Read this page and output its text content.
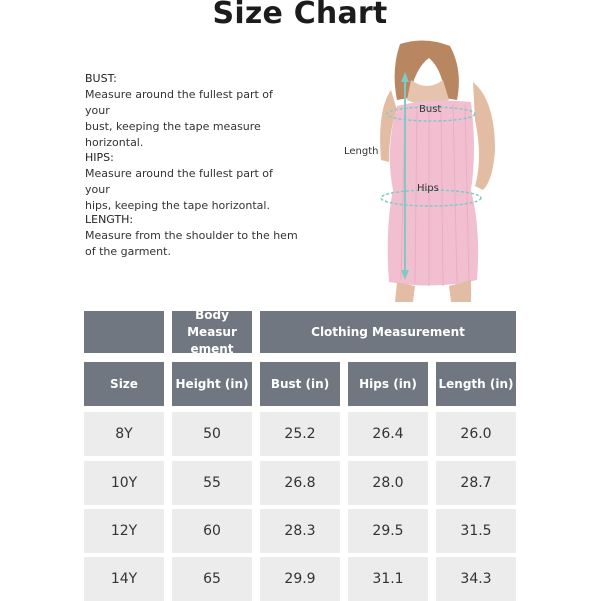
Size Chart
BUST:
Measure around the fullest part of your
bust, keeping the tape measure
horizontal.
HIPS:
Measure around the fullest part of your
hips, keeping the tape horizontal.
LENGTH:
Measure from the shoulder to the hem
of the garment.
Bust
Length
Hips
Body Measur ement
Clothing Measurement
Size	Height (in)	Bust (in)	Hips (in)	Length (in)
8Y	50	25.2	26.4	26.0
10Y	55	26.8	28.0	28.7
12Y	60	28.3	29.5	31.5
14Y	65	29.9	31.1	34.3
